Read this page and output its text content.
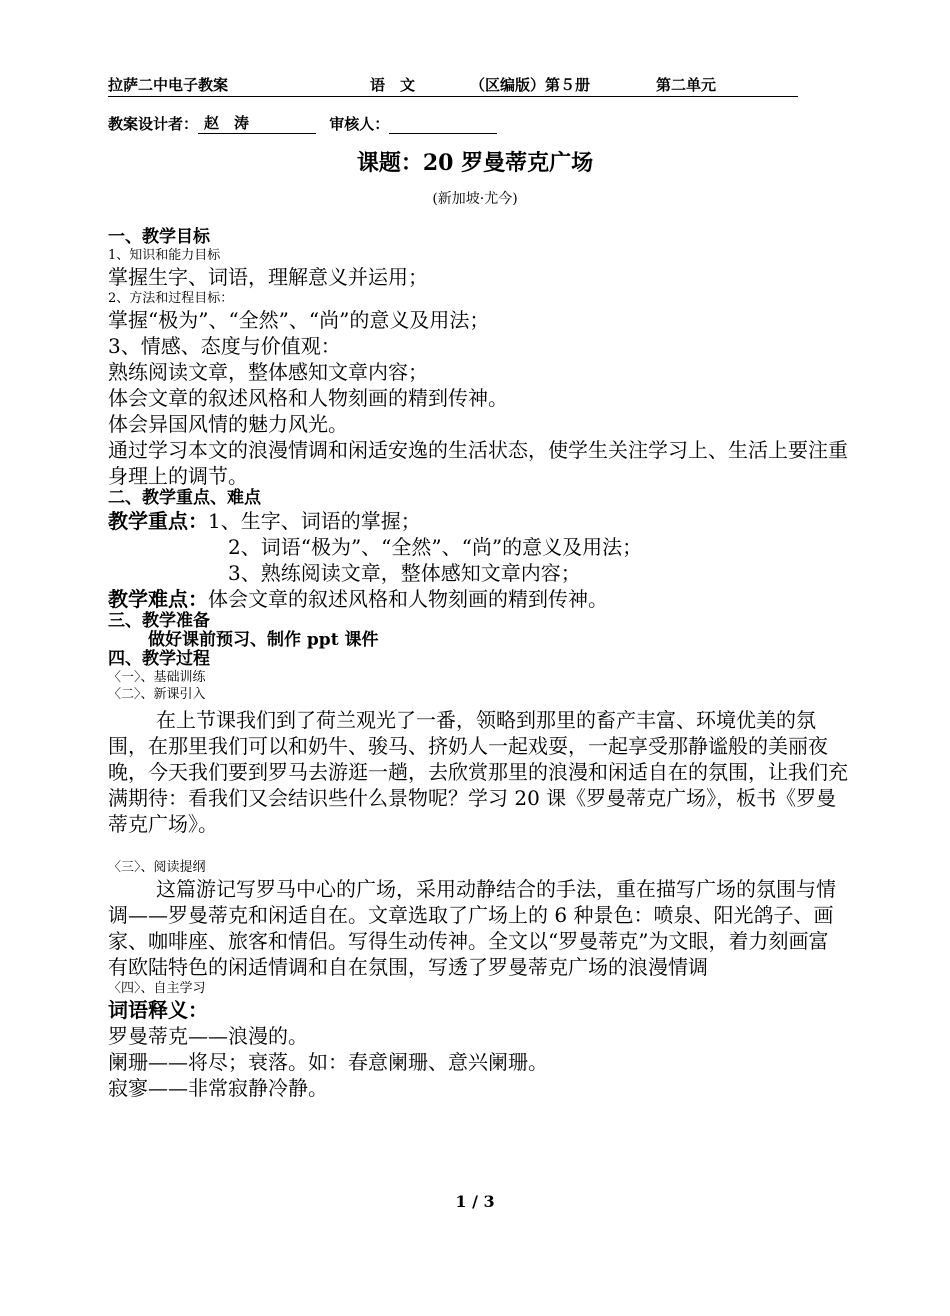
拉萨二中电子教案	语　文	（区编版）第５册	第二单元
教案设计者： 赵　涛	审核人：
课题：20 罗曼蒂克广场
(新加坡·尤今)
一、教学目标
1、知识和能力目标
掌握生字、词语，理解意义并运用；
2、方法和过程目标：
掌握“极为”、“全然”、“尚”的意义及用法；
3、情感、态度与价值观：
熟练阅读文章，整体感知文章内容；
体会文章的叙述风格和人物刻画的精到传神。
体会异国风情的魅力风光。
通过学习本文的浪漫情调和闲适安逸的生活状态，使学生关注学习上、生活上要注重身理上的调节。
二、教学重点、难点
教学重点：1、生字、词语的掌握；
2、词语“极为”、“全然”、“尚”的意义及用法；
3、熟练阅读文章，整体感知文章内容；
教学难点：体会文章的叙述风格和人物刻画的精到传神。
三、教学准备
做好课前预习、制作 ppt 课件
四、教学过程
〈一〉、基础训练
〈二〉、新课引入
在上节课我们到了荷兰观光了一番，领略到那里的畜产丰富、环境优美的氛围，在那里我们可以和奶牛、骏马、挤奶人一起戏耍，一起享受那静谧般的美丽夜晚，今天我们要到罗马去游逛一趟，去欣赏那里的浪漫和闲适自在的氛围，让我们充满期待：看我们又会结识些什么景物呢？学习 20 课《罗曼蒂克广场》，板书《罗曼蒂克广场》。
〈三〉、阅读提纲
这篇游记写罗马中心的广场，采用动静结合的手法，重在描写广场的氛围与情调——罗曼蒂克和闲适自在。文章选取了广场上的 6 种景色：喷泉、阳光鸽子、画家、咖啡座、旅客和情侣。写得生动传神。全文以“罗曼蒂克”为文眼，着力刻画富有欧陆特色的闲适情调和自在氛围，写透了罗曼蒂克广场的浪漫情调
〈四〉、自主学习
词语释义：
罗曼蒂克——浪漫的。
阑珊——将尽；衰落。如：春意阑珊、意兴阑珊。
寂寥——非常寂静冷静。
1 / 3
